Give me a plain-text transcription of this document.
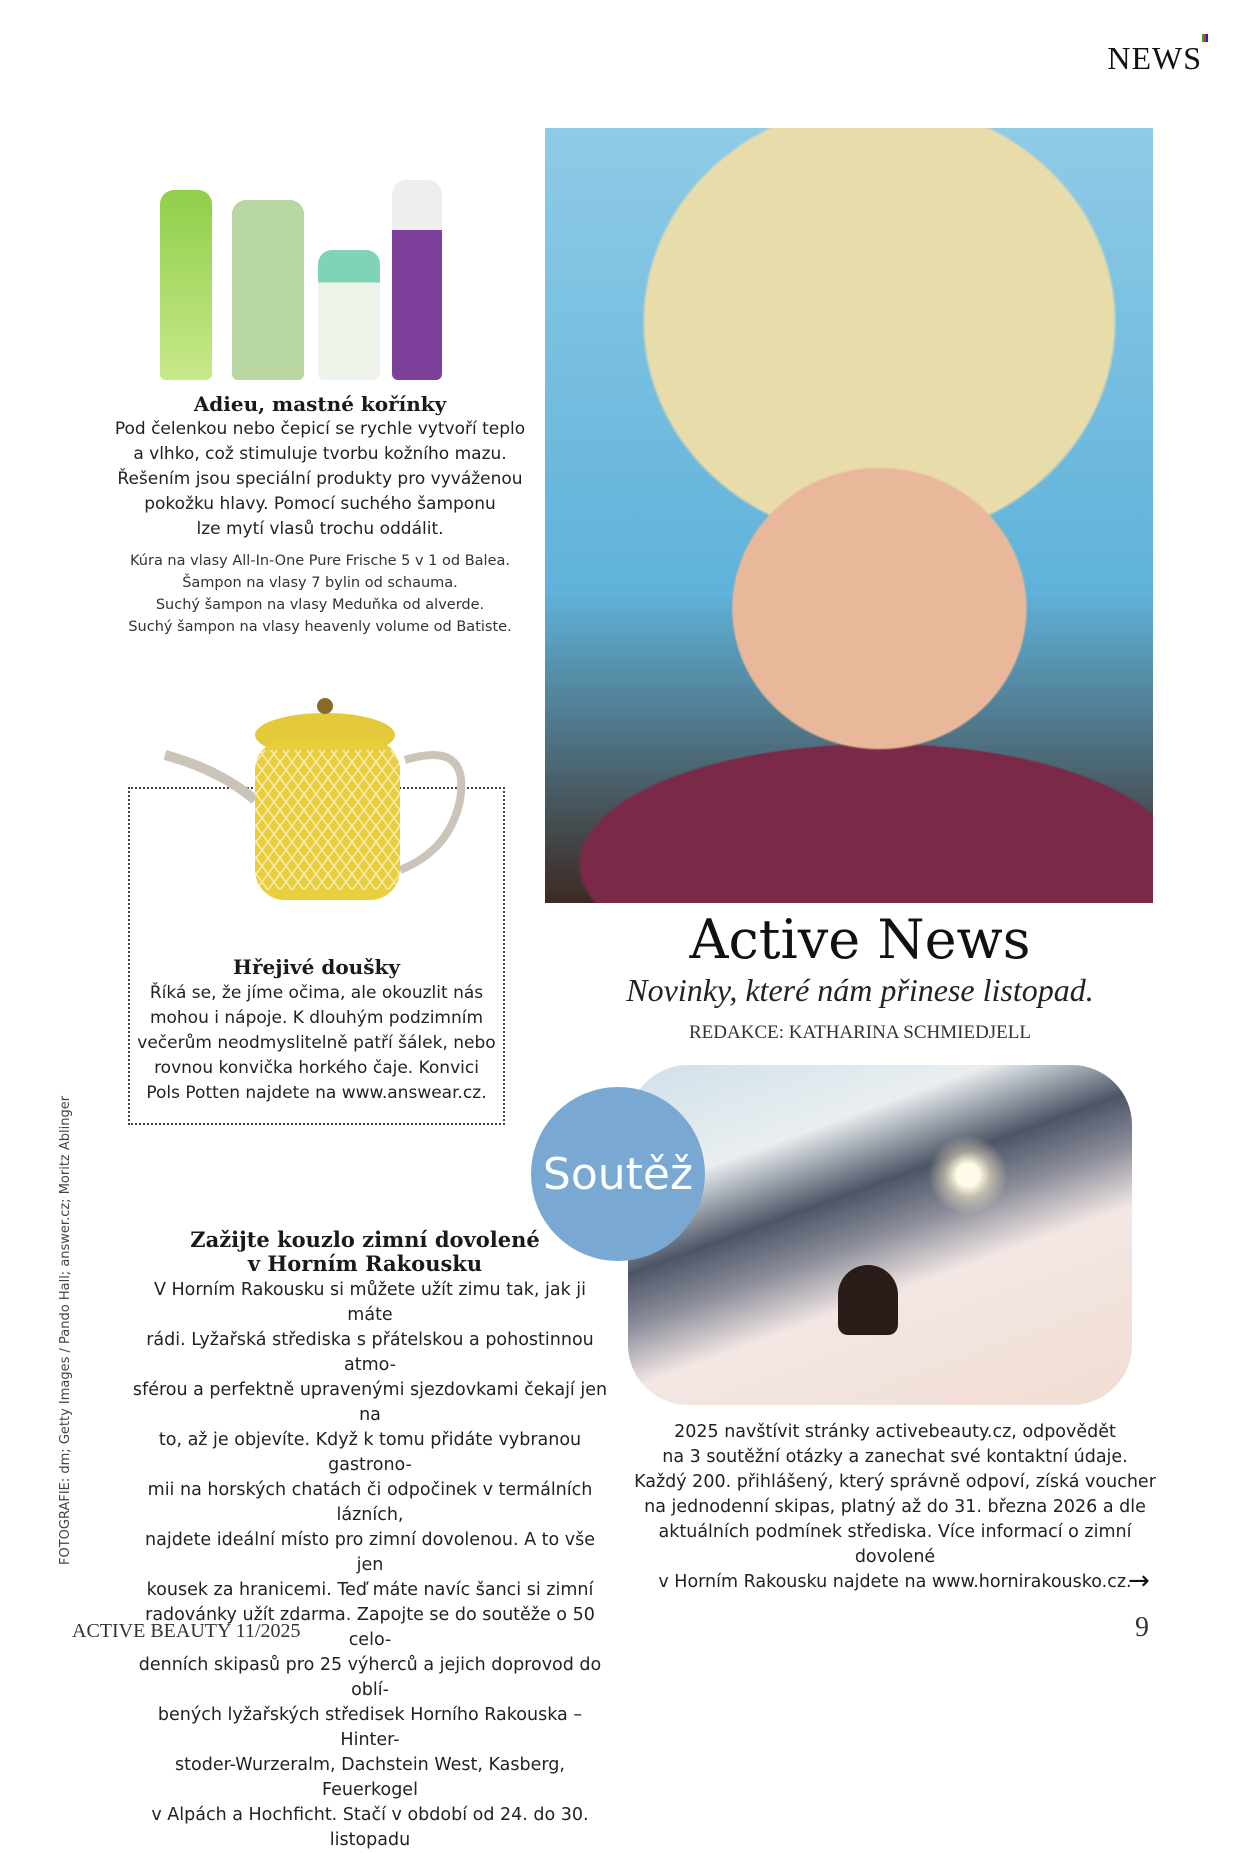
NEWS
Adieu, mastné kořínky
Pod čelenkou nebo čepicí se rychle vytvoří teplo
a vlhko, což stimuluje tvorbu kožního mazu.
Řešením jsou speciální produkty pro vyváženou
pokožku hlavy. Pomocí suchého šamponu
lze mytí vlasů trochu oddálit.
Kúra na vlasy All-In-One Pure Frische 5 v 1 od Balea.
Šampon na vlasy 7 bylin od schauma.
Suchý šampon na vlasy Meduňka od alverde.
Suchý šampon na vlasy heavenly volume od Batiste.
Hřejivé doušky
Říká se, že jíme očima, ale okouzlit nás
mohou i nápoje. K dlouhým podzimním
večerům neodmyslitelně patří šálek, nebo
rovnou konvička horkého čaje. Konvici
Pols Potten najdete na www.answear.cz.
Active News
Novinky, které nám přinese listopad.
REDAKCE: KATHARINA SCHMIEDJELL
Soutěž
Zažijte kouzlo zimní dovolené
v Horním Rakousku
V Horním Rakousku si můžete užít zimu tak, jak ji máte
rádi. Lyžařská střediska s přátelskou a pohostinnou atmo-
sférou a perfektně upravenými sjezdovkami čekají jen na
to, až je objevíte. Když k tomu přidáte vybranou gastrono-
mii na horských chatách či odpočinek v termálních lázních,
najdete ideální místo pro zimní dovolenou. A to vše jen
kousek za hranicemi. Teď máte navíc šanci si zimní
radovánky užít zdarma. Zapojte se do soutěže o 50 celo-
denních skipasů pro 25 výherců a jejich doprovod do oblí-
bených lyžařských středisek Horního Rakouska – Hinter-
stoder-Wurzeralm, Dachstein West, Kasberg, Feuerkogel
v Alpách a Hochficht. Stačí v období od 24. do 30. listopadu
2025 navštívit stránky activebeauty.cz, odpovědět
na 3 soutěžní otázky a zanechat své kontaktní údaje.
Každý 200. přihlášený, který správně odpoví, získá voucher
na jednodenní skipas, platný až do 31. března 2026 a dle
aktuálních podmínek střediska. Více informací o zimní dovolené
v Horním Rakousku najdete na www.hornirakousko.cz.
→
FOTOGRAFIE: dm; Getty Images / Pando Hall; answer.cz; Moritz Ablinger
ACTIVE BEAUTY 11/2025	9
